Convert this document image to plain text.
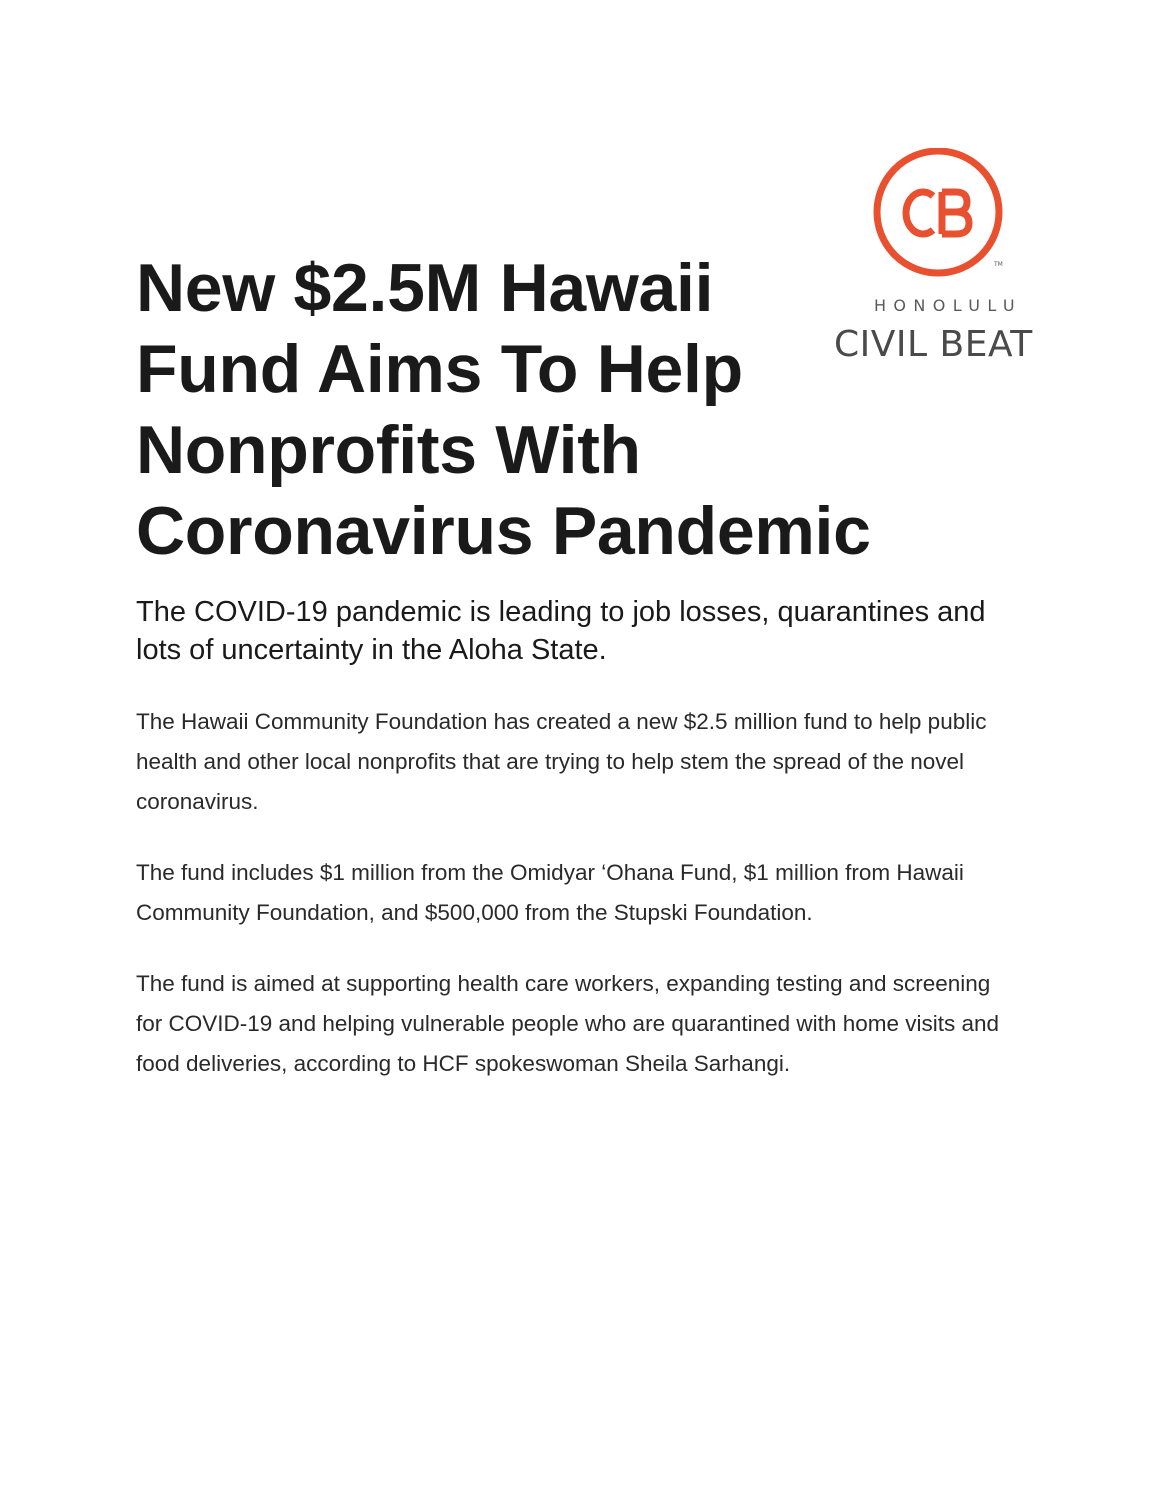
TM
HONOLULU
CIVIL BEAT
New $2.5M Hawaii Fund Aims To Help Nonprofits With Coronavirus Pandemic
The COVID-19 pandemic is leading to job losses, quarantines and lots of uncertainty in the Aloha State.

The Hawaii Community Foundation has created a new $2.5 million fund to help public health and other local nonprofits that are trying to help stem the spread of the novel coronavirus.

The fund includes $1 million from the Omidyar ‘Ohana Fund, $1 million from Hawaii Community Foundation, and $500,000 from the Stupski Foundation.

The fund is aimed at supporting health care workers, expanding testing and screening for COVID-19 and helping vulnerable people who are quarantined with home visits and food deliveries, according to HCF spokeswoman Sheila Sarhangi.
